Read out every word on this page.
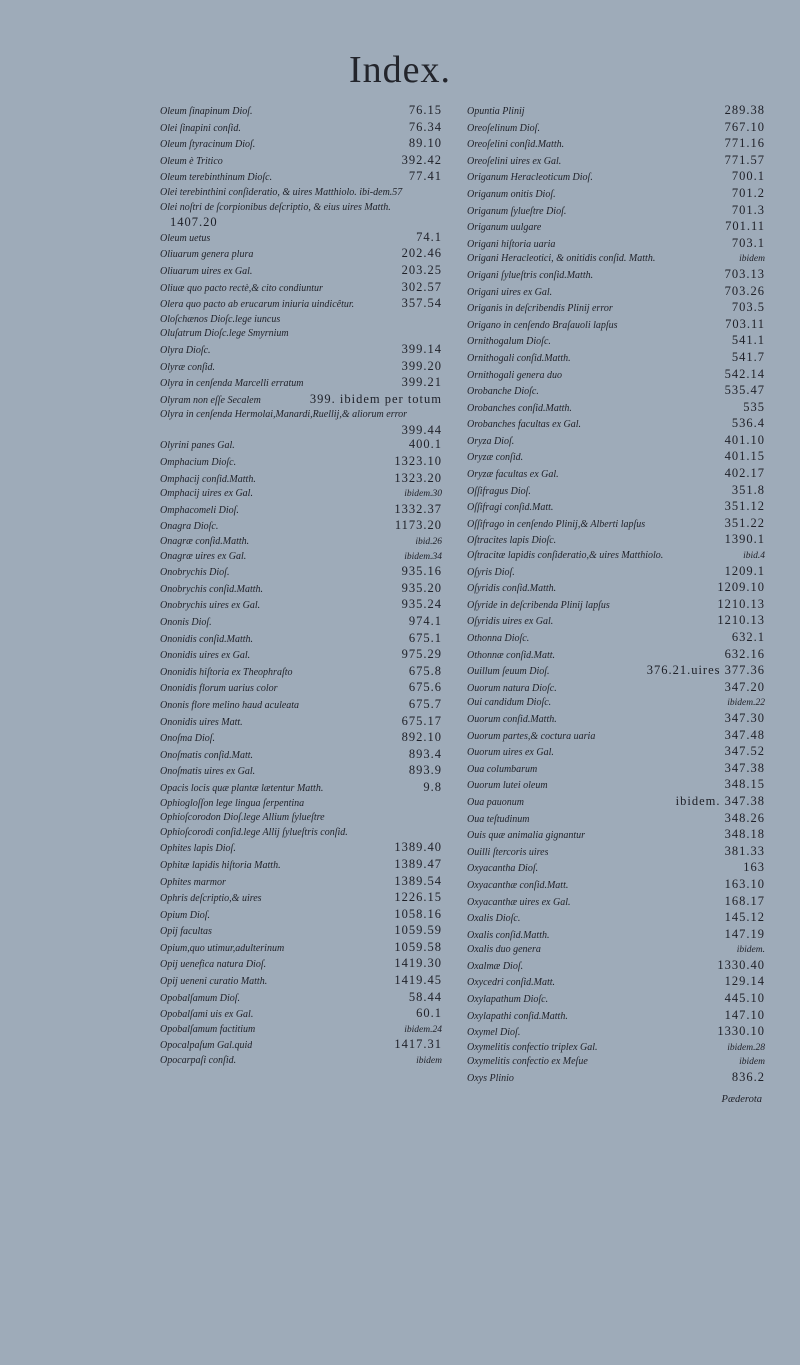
Index.
Oleum ſinapinum Dioſ.	76.15
Olei ſinapini conſid.	76.34
Oleum ſtyracinum Dioſ.	89.10
Oleum è Tritico	392.42
Oleum terebinthinum Dioſc.	77.41
Olei terebinthini conſideratio, & uires Matthiolo. ibi-dem.57
Olei noſtri de ſcorpionibus deſcriptio, & eius uires Matth.
1407.20
Oleum uetus	74.1
Oliuarum genera plura	202.46
Oliuarum uires ex Gal.	203.25
Oliuæ quo pacto rectè,& cito condiuntur	302.57
Olera quo pacto ab erucarum iniuria uindicêtur.	357.54
Oloſchænos Dioſc.lege iuncus
Oluſatrum Dioſc.lege Smyrnium
Olyra Dioſc.	399.14
Olyræ conſid.	399.20
Olyra in cenſenda Marcelli erratum	399.21
Olyram non eſſe Secalem	399. ibidem per totum
Olyra in cenſenda Hermolai,Manardi,Ruellij,& aliorum error
399.44
Olyrini panes Gal.	400.1
Omphacium Dioſc.	1323.10
Omphacij conſid.Matth.	1323.20
Omphacij uires ex Gal.	ibidem.30
Omphacomeli Dioſ.	1332.37
Onagra Dioſc.	1173.20
Onagræ conſid.Matth.	ibid.26
Onagræ uires ex Gal.	ibidem.34
Onobrychis Dioſ.	935.16
Onobrychis conſid.Matth.	935.20
Onobrychis uires ex Gal.	935.24
Ononis Dioſ.	974.1
Ononidis conſid.Matth.	675.1
Ononidis uires ex Gal.	975.29
Ononidis hiſtoria ex Theophraſto	675.8
Ononidis florum uarius color	675.6
Ononis flore melino haud aculeata	675.7
Ononidis uires Matt.	675.17
Onoſma Dioſ.	892.10
Onoſmatis conſid.Matt.	893.4
Onoſmatis uires ex Gal.	893.9
Opacis locis quæ plantæ lætentur Matth.	9.8
Ophiogloſſon lege lingua ſerpentina
Ophioſcorodon Dioſ.lege Allium ſylueſtre
Ophioſcorodi conſid.lege Allij ſylueſtris conſid.
Ophites lapis Dioſ.	1389.40
Ophitæ lapidis hiſtoria Matth.	1389.47
Ophites marmor	1389.54
Ophris deſcriptio,& uires	1226.15
Opium Dioſ.	1058.16
Opij facultas	1059.59
Opium,quo utimur,adulterinum	1059.58
Opij uenefica natura Dioſ.	1419.30
Opij ueneni curatio Matth.	1419.45
Opobalſamum Dioſ.	58.44
Opobalſami uis ex Gal.	60.1
Opobalſamum factitium	ibidem.24
Opocalpaſum Gal.quid	1417.31
Opocarpaſi conſid.	ibidem
Opuntia Plinij	289.38
Oreoſelinum Dioſ.	767.10
Oreoſelini conſid.Matth.	771.16
Oreoſelini uires ex Gal.	771.57
Origanum Heracleoticum Dioſ.	700.1
Origanum onitis Dioſ.	701.2
Origanum ſylueſtre Dioſ.	701.3
Origanum uulgare	701.11
Origani hiſtoria uaria	703.1
Origani Heracleotici, & onitidis conſid. Matth.	ibidem
Origani ſylueſtris conſid.Matth.	703.13
Origani uires ex Gal.	703.26
Origanis in deſcribendis Plinij error	703.5
Origano in cenſendo Braſauoli lapſus	703.11
Ornithogalum Dioſc.	541.1
Ornithogali conſid.Matth.	541.7
Ornithogali genera duo	542.14
Orobanche Dioſc.	535.47
Orobanches conſid.Matth.	535
Orobanches facultas ex Gal.	536.4
Oryza Dioſ.	401.10
Oryzæ conſid.	401.15
Oryzæ facultas ex Gal.	402.17
Oſſifragus Dioſ.	351.8
Oſſifragi conſid.Matt.	351.12
Oſſifrago in cenſendo Plinij,& Alberti lapſus	351.22
Oſtracites lapis Dioſc.	1390.1
Oſtracitæ lapidis conſideratio,& uires Matthiolo.	ibid.4
Oſyris Dioſ.	1209.1
Oſyridis conſid.Matth.	1209.10
Oſyride in deſcribenda Plinij lapſus	1210.13
Oſyridis uires ex Gal.	1210.13
Othonna Dioſc.	632.1
Othonnæ conſid.Matt.	632.16
Ouillum ſeuum Dioſ.	376.21.uires 377.36
Ouorum natura Dioſc.	347.20
Oui candidum Dioſc.	ibidem.22
Ouorum conſid.Matth.	347.30
Ouorum partes,& coctura uaria	347.48
Ouorum uires ex Gal.	347.52
Oua columbarum	347.38
Ouorum lutei oleum	348.15
Oua pauonum	ibidem. 347.38
Oua teſtudinum	348.26
Ouis quæ animalia gignantur	348.18
Ouilli ſtercoris uires	381.33
Oxyacantha Dioſ.	163
Oxyacanthæ conſid.Matt.	163.10
Oxyacanthæ uires ex Gal.	168.17
Oxalis Dioſc.	145.12
Oxalis conſid.Matth.	147.19
Oxalis duo genera	ibidem.
Oxalmæ Dioſ.	1330.40
Oxycedri conſid.Matt.	129.14
Oxylapathum Dioſc.	445.10
Oxylapathi conſid.Matth.	147.10
Oxymel Dioſ.	1330.10
Oxymelitis confectio triplex Gal.	ibidem.28
Oxymelitis confectio ex Meſue	ibidem
Oxys Plinio	836.2
Pæderota
